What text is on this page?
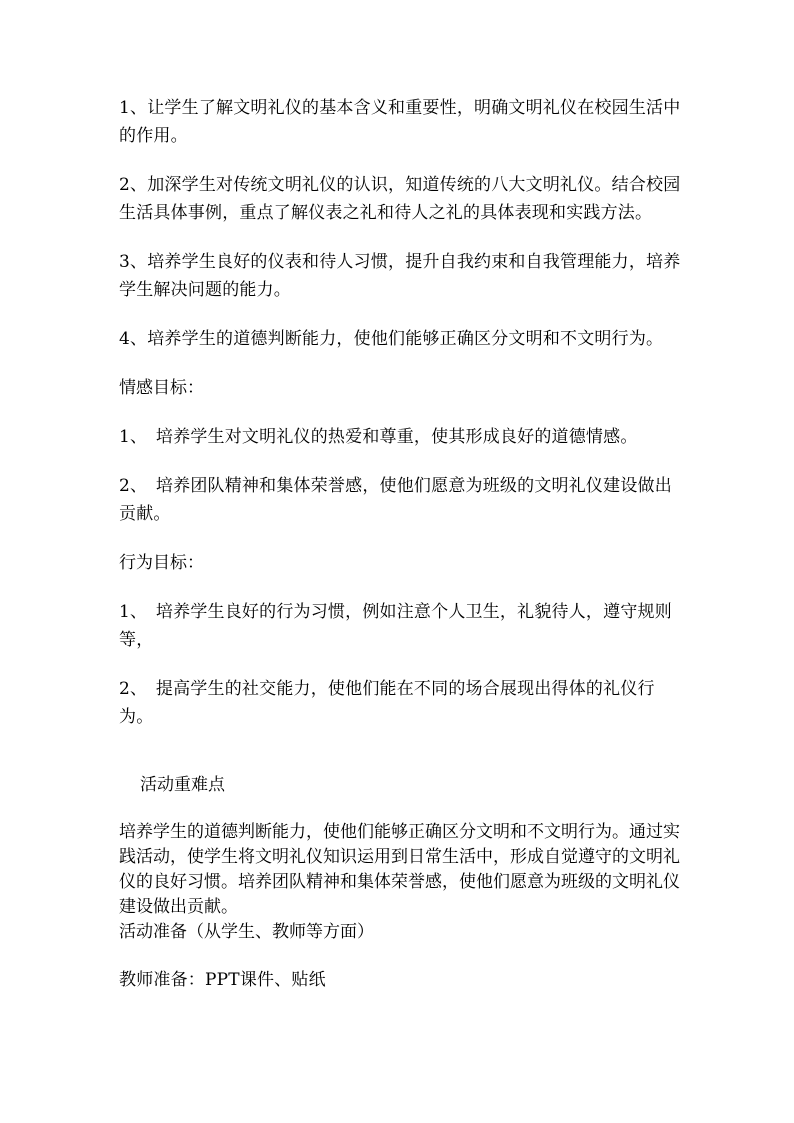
1、让学生了解文明礼仪的基本含义和重要性，明确文明礼仪在校园生活中的作用。

2、加深学生对传统文明礼仪的认识，知道传统的八大文明礼仪。结合校园生活具体事例，重点了解仪表之礼和待人之礼的具体表现和实践方法。

3、培养学生良好的仪表和待人习惯，提升自我约束和自我管理能力，培养学生解决问题的能力。

4、培养学生的道德判断能力，使他们能够正确区分文明和不文明行为。

情感目标：

1、　培养学生对文明礼仪的热爱和尊重，使其形成良好的道德情感。

2、　培养团队精神和集体荣誉感，使他们愿意为班级的文明礼仪建设做出贡献。

行为目标：

1、　培养学生良好的行为习惯，例如注意个人卫生，礼貌待人，遵守规则等，

2、　提高学生的社交能力，使他们能在不同的场合展现出得体的礼仪行为。

活动重难点

培养学生的道德判断能力，使他们能够正确区分文明和不文明行为。通过实践活动，使学生将文明礼仪知识运用到日常生活中，形成自觉遵守的文明礼仪的良好习惯。培养团队精神和集体荣誉感，使他们愿意为班级的文明礼仪建设做出贡献。

活动准备（从学生、教师等方面）

教师准备：PPT课件、贴纸
